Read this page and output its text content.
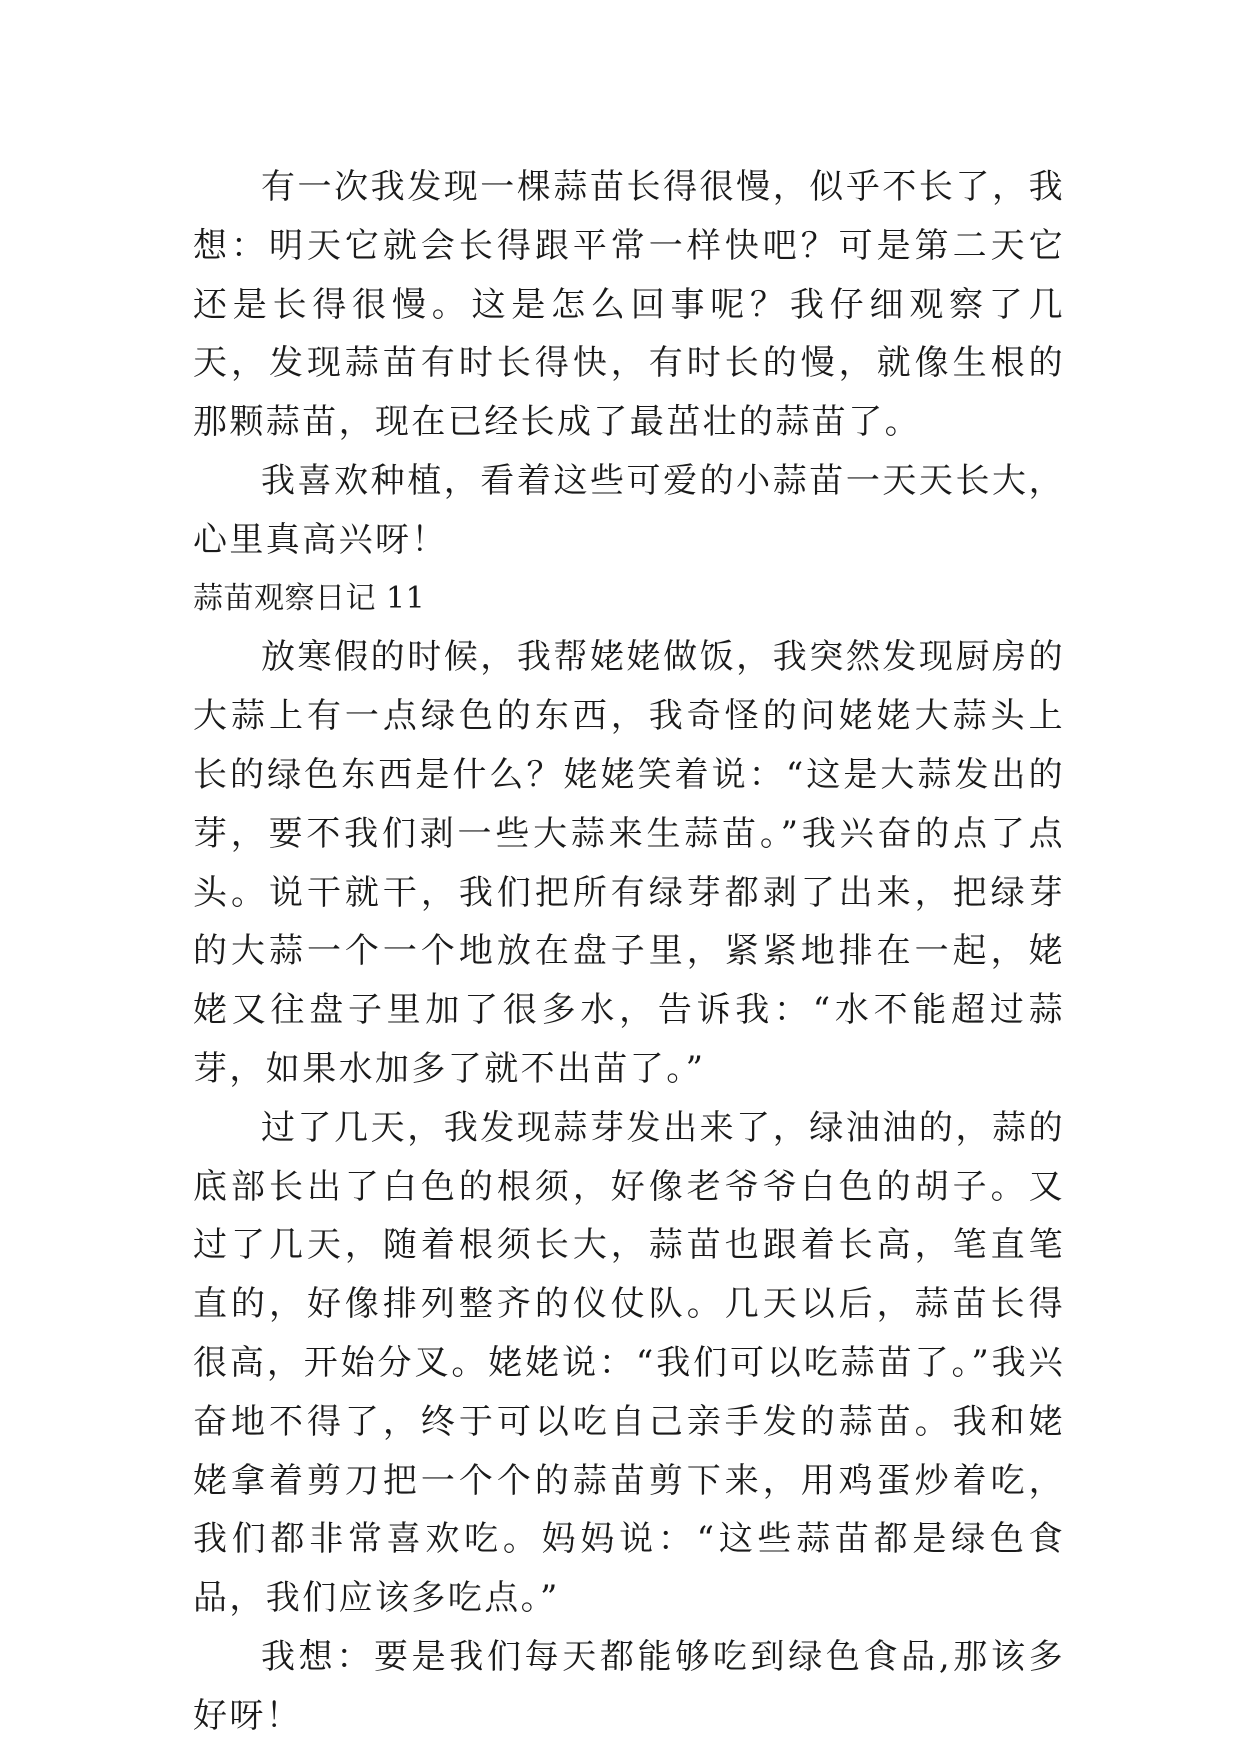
有一次我发现一棵蒜苗长得很慢，似乎不长了，我想：明天它就会长得跟平常一样快吧？可是第二天它还是长得很慢。这是怎么回事呢？我仔细观察了几天，发现蒜苗有时长得快，有时长的慢，就像生根的那颗蒜苗，现在已经长成了最茁壮的蒜苗了。

我喜欢种植，看着这些可爱的小蒜苗一天天长大，心里真高兴呀！

蒜苗观察日记 11

放寒假的时候，我帮姥姥做饭，我突然发现厨房的大蒜上有一点绿色的东西，我奇怪的问姥姥大蒜头上长的绿色东西是什么？姥姥笑着说：“这是大蒜发出的芽，要不我们剥一些大蒜来生蒜苗。”我兴奋的点了点头。说干就干，我们把所有绿芽都剥了出来，把绿芽的大蒜一个一个地放在盘子里，紧紧地排在一起，姥姥又往盘子里加了很多水，告诉我：“水不能超过蒜芽，如果水加多了就不出苗了。”

过了几天，我发现蒜芽发出来了，绿油油的，蒜的底部长出了白色的根须，好像老爷爷白色的胡子。又过了几天，随着根须长大，蒜苗也跟着长高，笔直笔直的，好像排列整齐的仪仗队。几天以后，蒜苗长得很高，开始分叉。姥姥说：“我们可以吃蒜苗了。”我兴奋地不得了，终于可以吃自己亲手发的蒜苗。我和姥姥拿着剪刀把一个个的蒜苗剪下来，用鸡蛋炒着吃，我们都非常喜欢吃。妈妈说：“这些蒜苗都是绿色食品，我们应该多吃点。”

我想：要是我们每天都能够吃到绿色食品,那该多好呀！
